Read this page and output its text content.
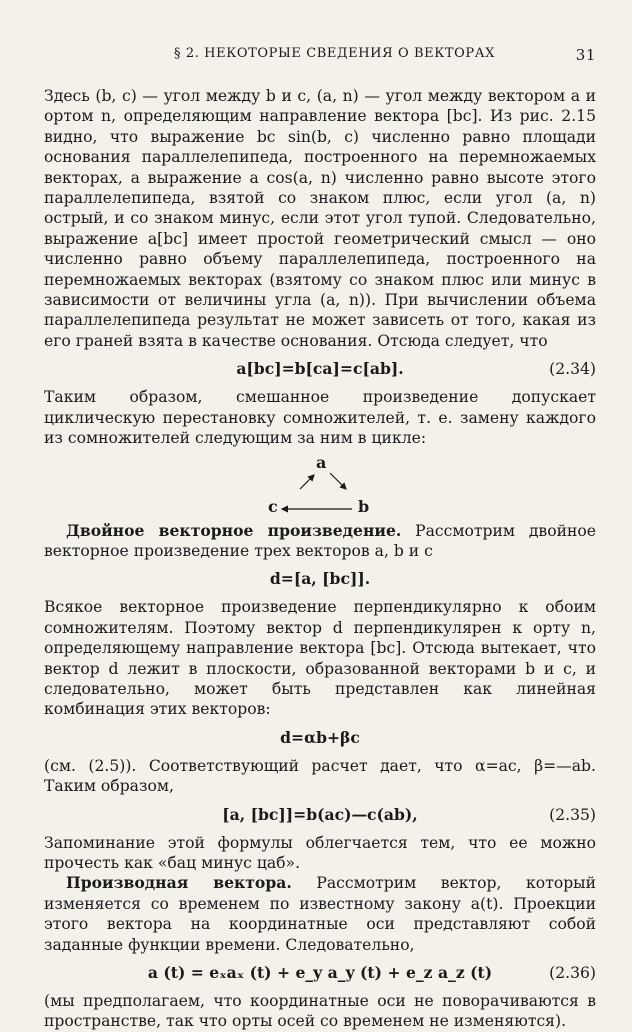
§ 2. НЕКОТОРЫЕ СВЕДЕНИЯ О ВЕКТОРАХ	31

Здесь (b, c) — угол между b и c, (a, n) — угол между вектором a и ортом n, определяющим направление вектора [bc]. Из рис. 2.15 видно, что выражение bc sin(b, c) численно равно площади основания параллелепипеда, построенного на перемножаемых векторах, а выражение a cos(a, n) численно равно высоте этого параллелепипеда, взятой со знаком плюс, если угол (a, n) острый, и со знаком минус, если этот угол тупой. Следовательно, выражение a[bc] имеет простой геометрический смысл — оно численно равно объему параллелепипеда, построенного на перемножаемых векторах (взятому со знаком плюс или минус в зависимости от величины угла (a, n)). При вычислении объема параллелепипеда результат не может зависеть от того, какая из его граней взята в качестве основания. Отсюда следует, что

a[bc]=b[ca]=c[ab].	(2.34)

Таким образом, смешанное произведение допускает циклическую перестановку сомножителей, т. е. замену каждого из сомножителей следующим за ним в цикле:

a
b
c

Двойное векторное произведение. Рассмотрим двойное векторное произведение трех векторов a, b и c

d=[a, [bc]].

Всякое векторное произведение перпендикулярно к обоим сомножителям. Поэтому вектор d перпендикулярен к орту n, определяющему направление вектора [bc]. Отсюда вытекает, что вектор d лежит в плоскости, образованной векторами b и c, и следовательно, может быть представлен как линейная комбинация этих векторов:

d=αb+βc

(см. (2.5)). Соответствующий расчет дает, что α=ac, β=—ab. Таким образом,

[a, [bc]]=b(ac)—c(ab),	(2.35)

Запоминание этой формулы облегчается тем, что ее можно прочесть как «бац минус цаб».

Производная вектора. Рассмотрим вектор, который изменяется со временем по известному закону a(t). Проекции этого вектора на координатные оси представляют собой заданные функции времени. Следовательно,

a (t) = eₓaₓ (t) + e_y a_y (t) + e_z a_z (t)	(2.36)

(мы предполагаем, что координатные оси не поворачиваются в пространстве, так что орты осей со временем не изменяются).
